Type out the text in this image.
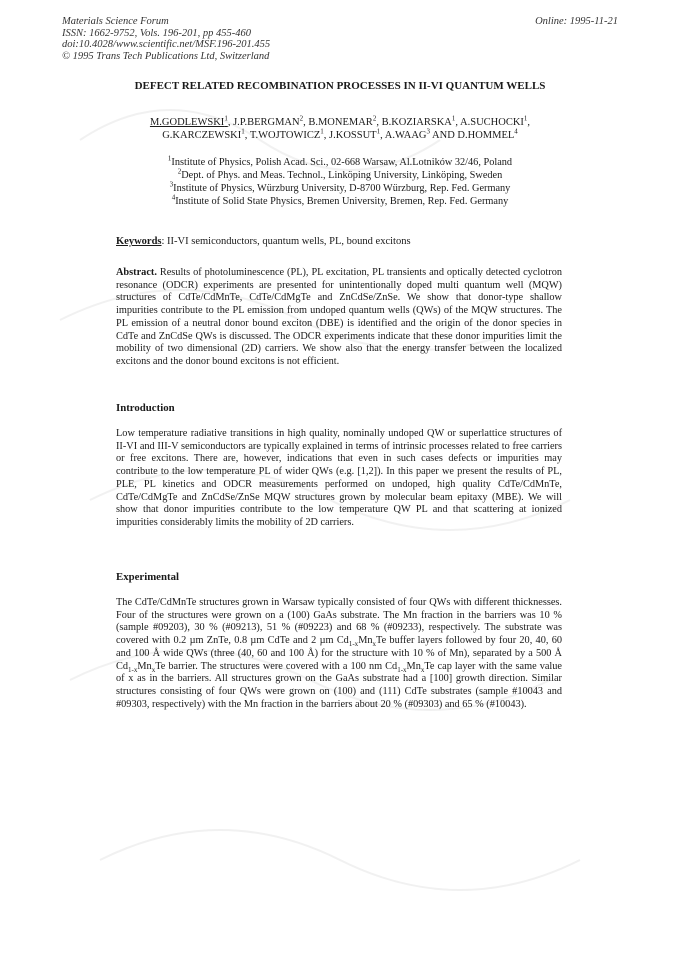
Materials Science Forum
ISSN: 1662-9752, Vols. 196-201, pp 455-460
doi:10.4028/www.scientific.net/MSF.196-201.455
© 1995 Trans Tech Publications Ltd, Switzerland
Online: 1995-11-21
DEFECT RELATED RECOMBINATION PROCESSES IN II-VI QUANTUM WELLS
M.GODLEWSKI$^1$, J.P.BERGMAN$^2$, B.MONEMAR$^2$, B.KOZIARSKA$^1$, A.SUCHOCKI$^1$,
G.KARCZEWSKI$^1$, T.WOJTOWICZ$^1$, J.KOSSUT$^1$, A.WAAG$^3$ AND D.HOMMEL$^4$
$^1$Institute of Physics, Polish Acad. Sci., 02-668 Warsaw, Al.Lotników 32/46, Poland
$^2$Dept. of Phys. and Meas. Technol., Linköping University, Linköping, Sweden
$^3$Institute of Physics, Würzburg University, D-8700 Würzburg, Rep. Fed. Germany
$^4$Institute of Solid State Physics, Bremen University, Bremen, Rep. Fed. Germany
Keywords: II-VI semiconductors, quantum wells, PL, bound excitons
Abstract. Results of photoluminescence (PL), PL excitation, PL transients and optically detected cyclotron resonance (ODCR) experiments are presented for unintentionally doped multi quantum well (MQW) structures of CdTe/CdMnTe, CdTe/CdMgTe and ZnCdSe/ZnSe. We show that donor-type shallow impurities contribute to the PL emission from undoped quantum wells (QWs) of the MQW structures. The PL emission of a neutral donor bound exciton (DBE) is identified and the origin of the donor species in CdTe and ZnCdSe QWs is discussed. The ODCR experiments indicate that these donor impurities limit the mobility of two dimensional (2D) carriers. We show also that the energy transfer between the localized excitons and the donor bound excitons is not efficient.
Introduction
Low temperature radiative transitions in high quality, nominally undoped QW or superlattice structures of II-VI and III-V semiconductors are typically explained in terms of intrinsic processes related to free carriers or free excitons. There are, however, indications that even in such cases defects or impurities may contribute to the low temperature PL of wider QWs (e.g. [1,2]). In this paper we present the results of PL, PLE, PL kinetics and ODCR measurements performed on undoped, high quality CdTe/CdMnTe, CdTe/CdMgTe and ZnCdSe/ZnSe MQW structures grown by molecular beam epitaxy (MBE). We will show that donor impurities contribute to the low temperature QW PL and that scattering at ionized impurities considerably limits the mobility of 2D carriers.
Experimental
The CdTe/CdMnTe structures grown in Warsaw typically consisted of four QWs with different thicknesses. Four of the structures were grown on a (100) GaAs substrate. The Mn fraction in the barriers was 10 % (sample #09203), 30 % (#09213), 51 % (#09223) and 68 % (#09233), respectively. The substrate was covered with 0.2 µm ZnTe, 0.8 µm CdTe and 2 µm $Cd_{1-x}Mn_xTe$ buffer layers followed by four 20, 40, 60 and 100 Å wide QWs (three (40, 60 and 100 Å) for the structure with 10 % of Mn), separated by a 500 Å $Cd_{1-x}Mn_xTe$ barrier. The structures were covered with a 100 nm $Cd_{1-x}Mn_xTe$ cap layer with the same value of x as in the barriers. All structures grown on the GaAs substrate had a [100] growth direction. Similar structures consisting of four QWs were grown on (100) and (111) CdTe substrates (sample #10043 and #09303, respectively) with the Mn fraction in the barriers about 20 % (#09303) and 65 % (#10043).
